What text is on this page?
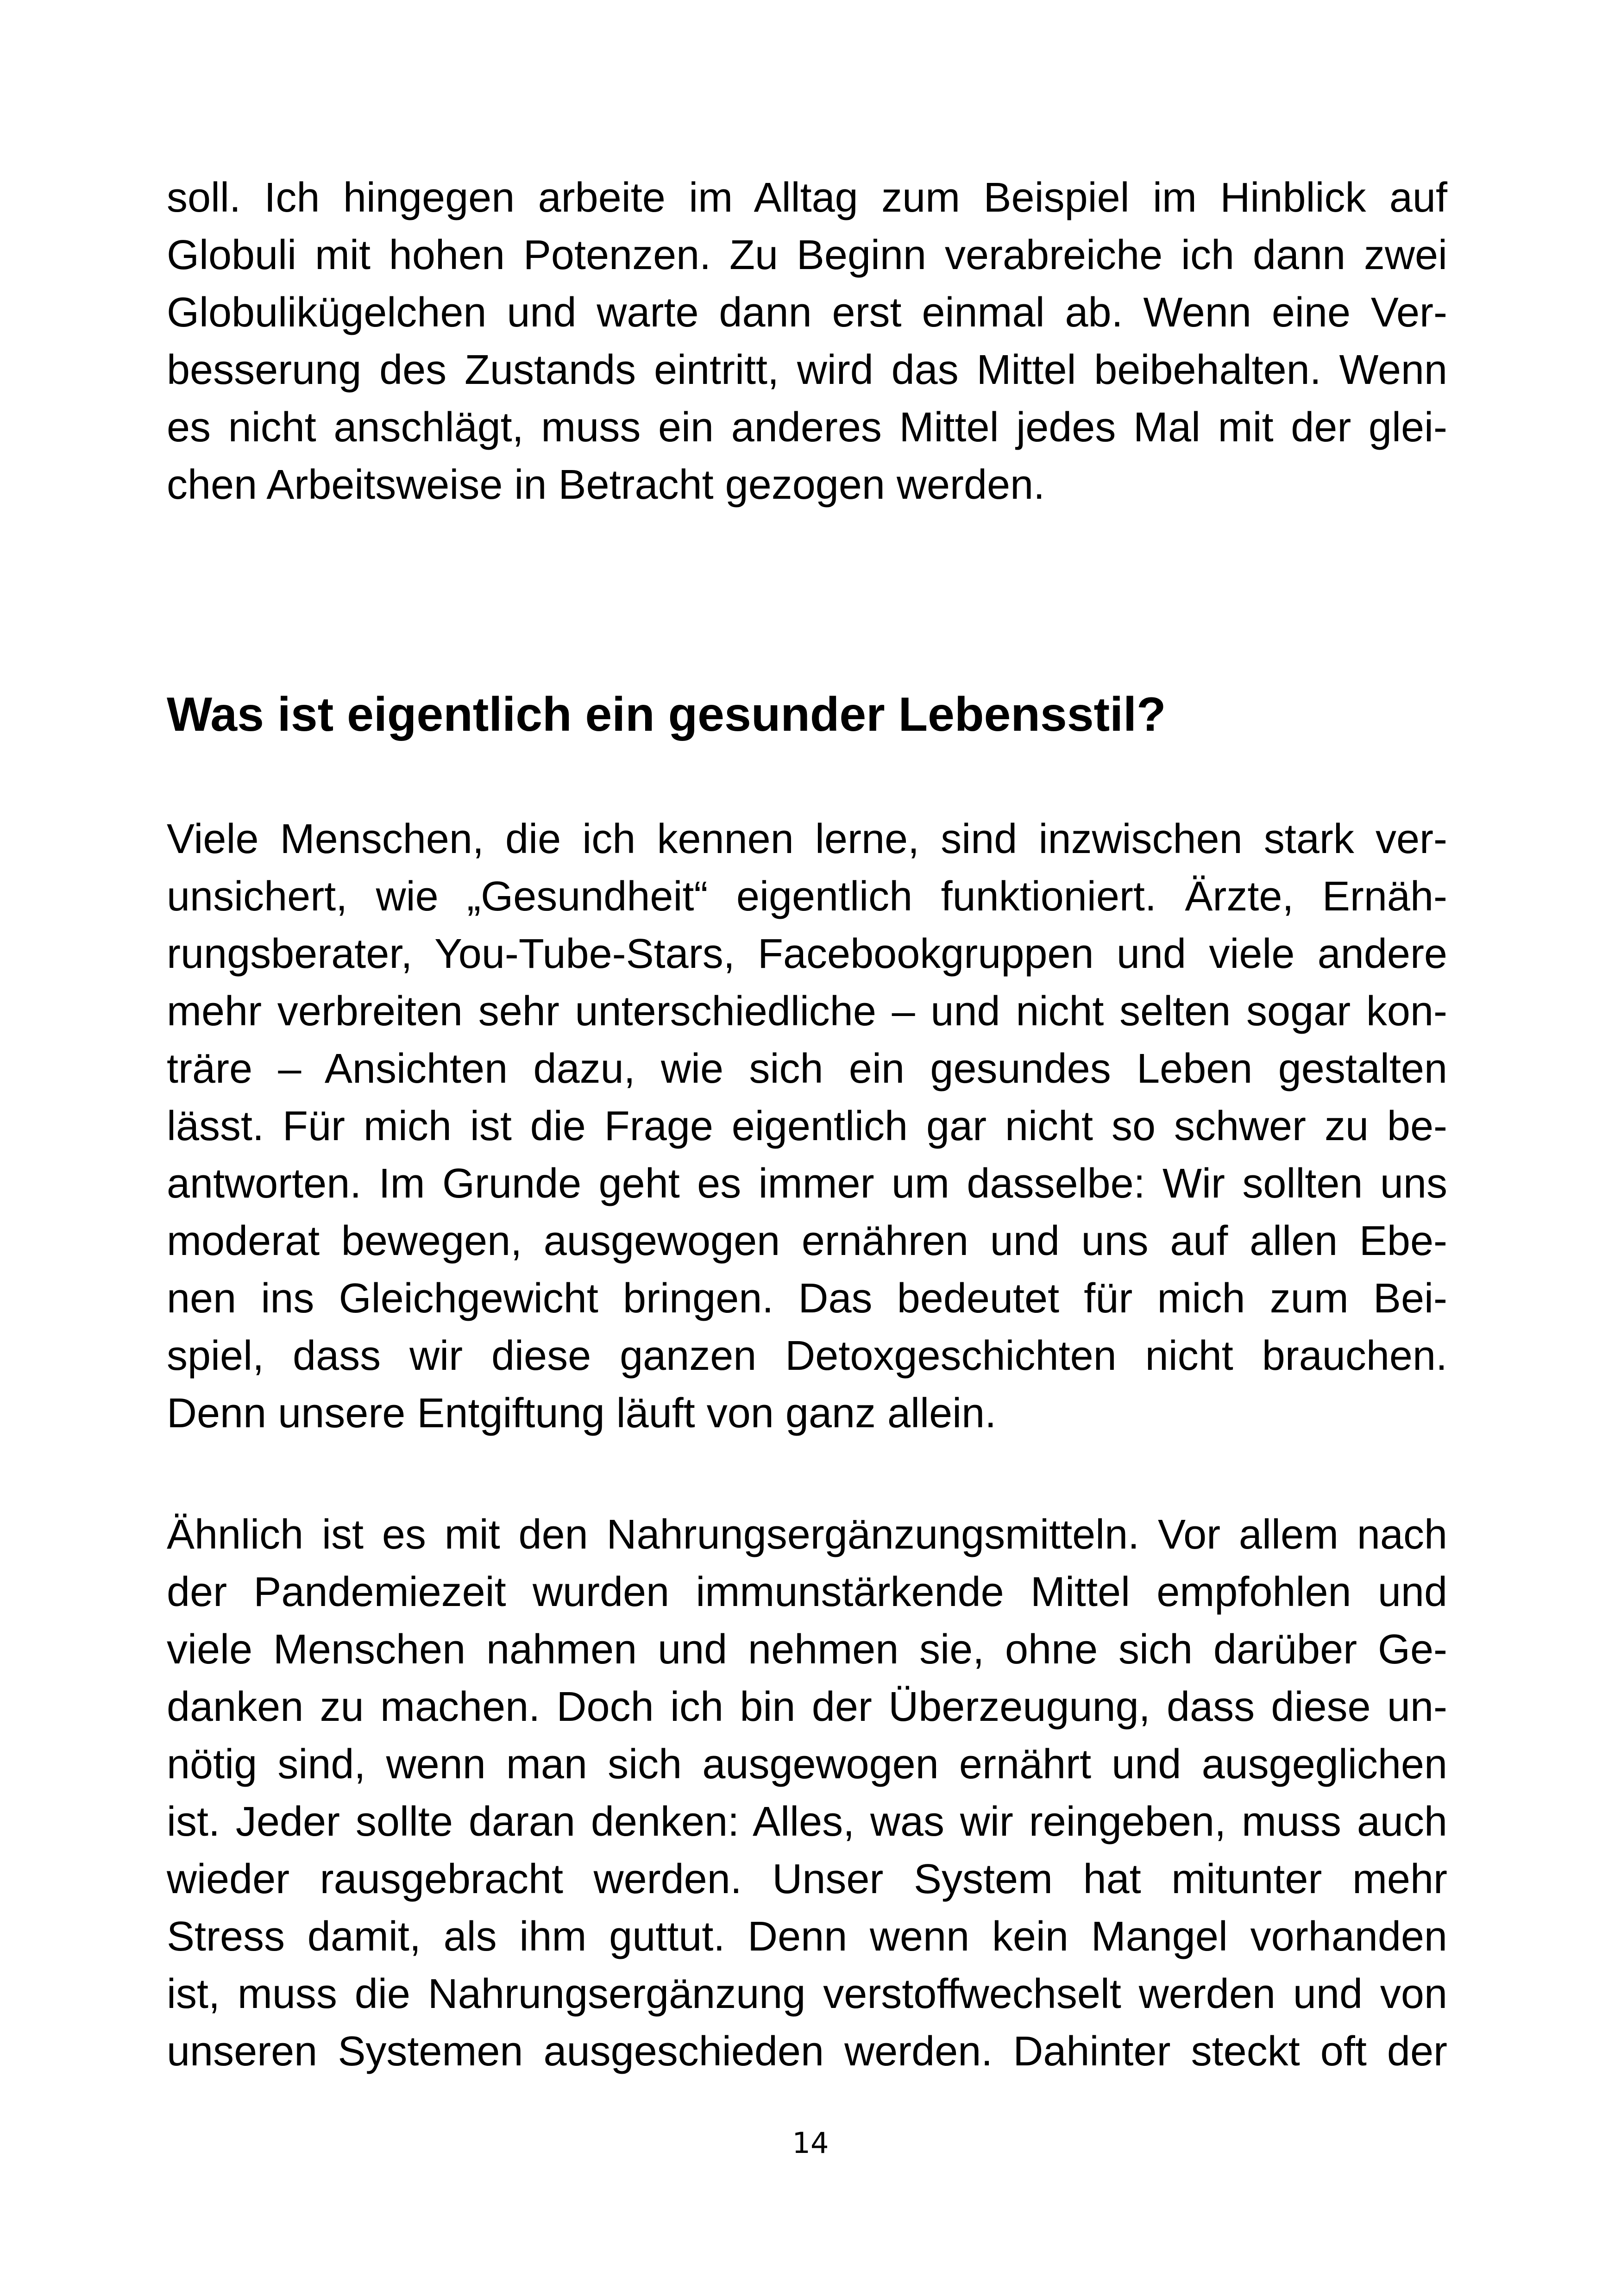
soll. Ich hingegen arbeite im Alltag zum Beispiel im Hinblick auf

Globuli mit hohen Potenzen. Zu Beginn verabreiche ich dann zwei

Globulikügelchen und warte dann erst einmal ab. Wenn eine Ver-

besserung des Zustands eintritt, wird das Mittel beibehalten. Wenn

es nicht anschlägt, muss ein anderes Mittel jedes Mal mit der glei-

chen Arbeitsweise in Betracht gezogen werden.

Was ist eigentlich ein gesunder Lebensstil?

Viele Menschen, die ich kennen lerne, sind inzwischen stark ver-

unsichert, wie „Gesundheit“ eigentlich funktioniert. Ärzte, Ernäh-

rungsberater, You-Tube-Stars, Facebookgruppen und viele andere

mehr verbreiten sehr unterschiedliche – und nicht selten sogar kon-

träre – Ansichten dazu, wie sich ein gesundes Leben gestalten

lässt. Für mich ist die Frage eigentlich gar nicht so schwer zu be-

antworten. Im Grunde geht es immer um dasselbe: Wir sollten uns

moderat bewegen, ausgewogen ernähren und uns auf allen Ebe-

nen ins Gleichgewicht bringen. Das bedeutet für mich zum Bei-

spiel, dass wir diese ganzen Detoxgeschichten nicht brauchen.

Denn unsere Entgiftung läuft von ganz allein.

Ähnlich ist es mit den Nahrungsergänzungsmitteln. Vor allem nach

der Pandemiezeit wurden immunstärkende Mittel empfohlen und

viele Menschen nahmen und nehmen sie, ohne sich darüber Ge-

danken zu machen. Doch ich bin der Überzeugung, dass diese un-

nötig sind, wenn man sich ausgewogen ernährt und ausgeglichen

ist. Jeder sollte daran denken: Alles, was wir reingeben, muss auch

wieder rausgebracht werden. Unser System hat mitunter mehr

Stress damit, als ihm guttut. Denn wenn kein Mangel vorhanden

ist, muss die Nahrungsergänzung verstoffwechselt werden und von

unseren Systemen ausgeschieden werden. Dahinter steckt oft der

14
